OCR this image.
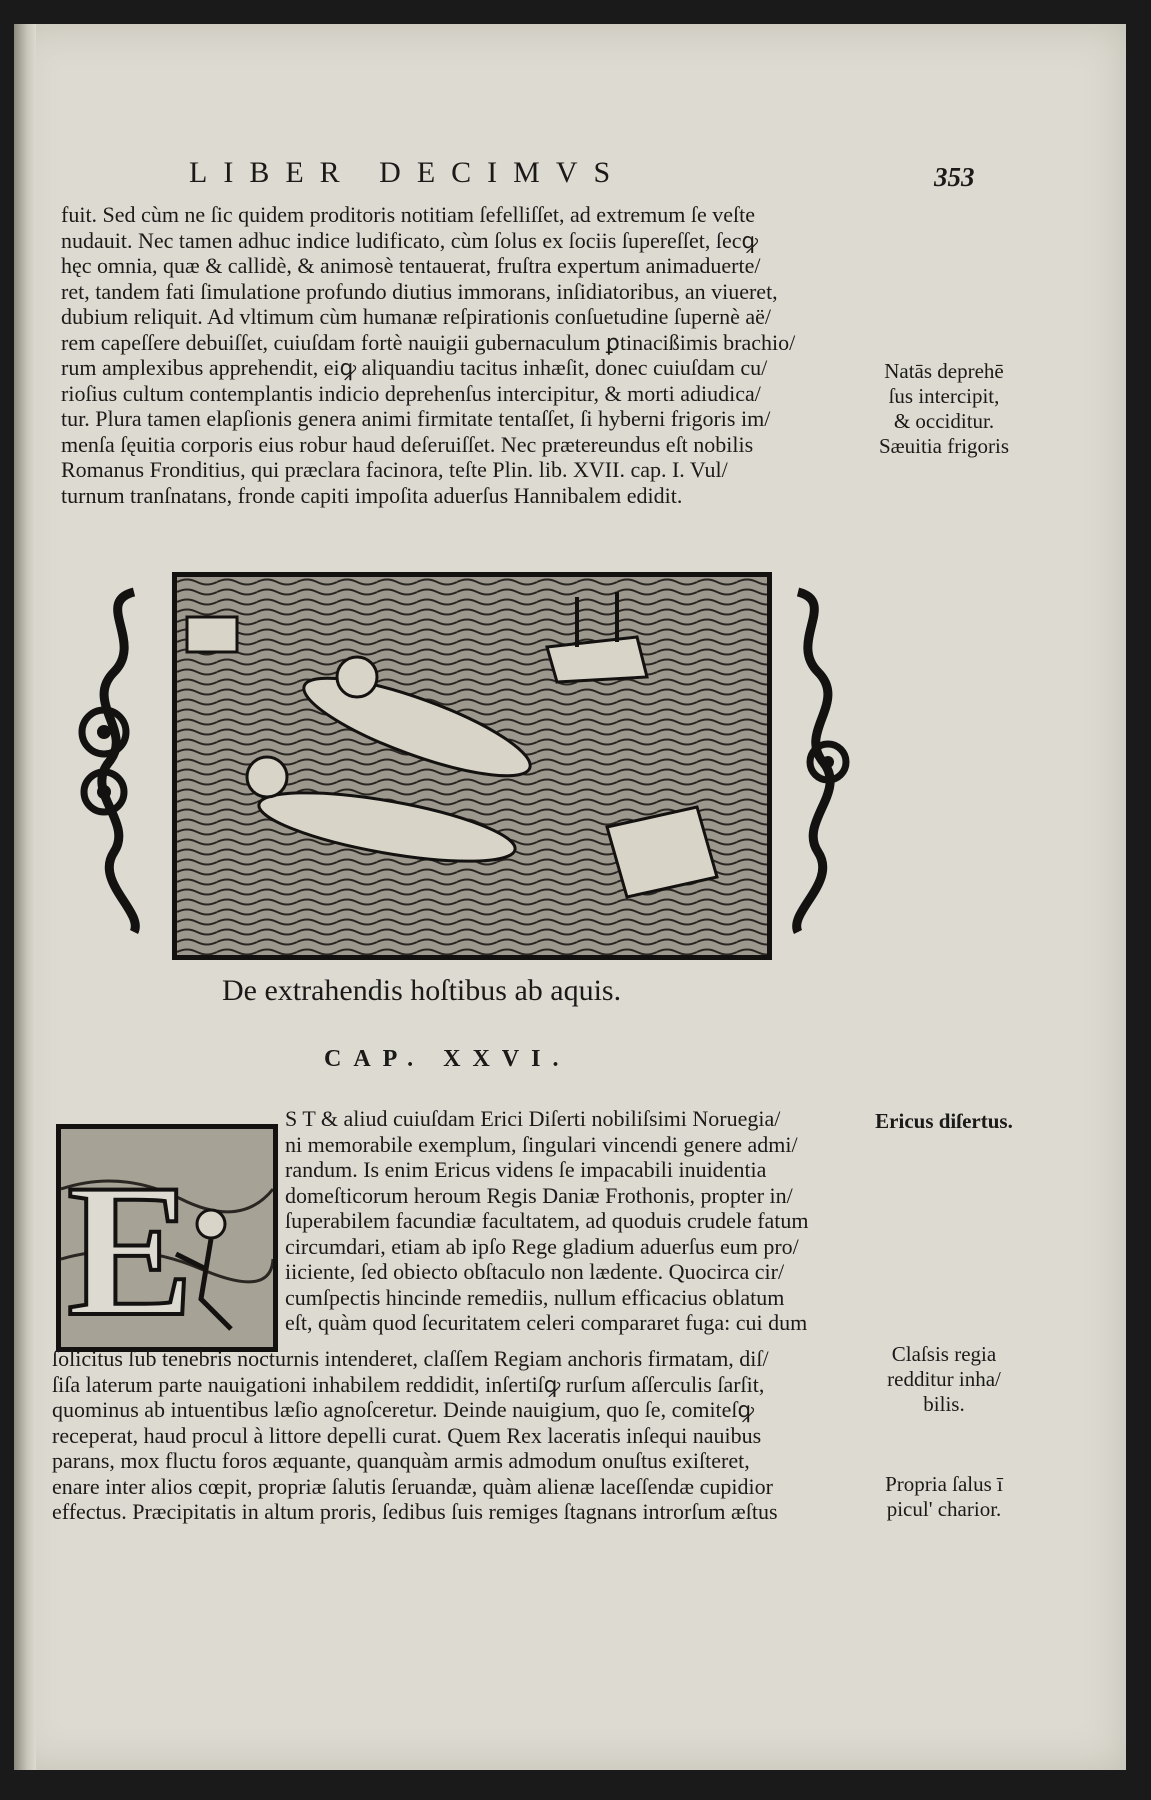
LIBER DECIMVS	353
fuit. Sed cùm ne ſic quidem proditoris notitiam ſefelliſſet, ad extremum ſe veſte
nudauit. Nec tamen adhuc indice ludificato, cùm ſolus ex ſociis ſupereſſet, ſecꝙ
hęc omnia, quæ & callidè, & animosè tentauerat, fruſtra expertum animaduerte/
ret, tandem fati ſimulatione profundo diutius immorans, inſidiatoribus, an viueret,
dubium reliquit. Ad vltimum cùm humanæ reſpirationis conſuetudine ſupernè aë/
rem capeſſere debuiſſet, cuiuſdam fortè nauigii gubernaculum ꝑtinacißimis brachio/
rum amplexibus apprehendit, eiꝙ aliquandiu tacitus inhæſit, donec cuiuſdam cu/
rioſius cultum contemplantis indicio deprehenſus intercipitur, & morti adiudica/
tur. Plura tamen elapſionis genera animi firmitate tentaſſet, ſi hyberni frigoris im/
menſa ſęuitia corporis eius robur haud deſeruiſſet. Nec prætereundus eſt nobilis
Romanus Fronditius, qui præclara facinora, teſte Plin. lib. XVII. cap. I. Vul/
turnum tranſnatans, fronde capiti impoſita aduerſus Hannibalem edidit.
Natās deprehē
ſus intercipit,
& occiditur.
Sæuitia frigoris
De extrahendis hoſtibus ab aquis.
CAP. XXVI.
E
S T & aliud cuiuſdam Erici Diſerti nobiliſsimi Noruegia/
ni memorabile exemplum, ſingulari vincendi genere admi/
randum. Is enim Ericus videns ſe impacabili inuidentia
domeſticorum heroum Regis Daniæ Frothonis, propter in/
ſuperabilem facundiæ facultatem, ad quoduis crudele fatum
circumdari, etiam ab ipſo Rege gladium aduerſus eum pro/
iiciente, ſed obiecto obſtaculo non lædente. Quocirca cir/
cumſpectis hincinde remediis, nullum efficacius oblatum
eſt, quàm quod ſecuritatem celeri compararet fuga: cui dum
ſolicitus ſub tenebris nocturnis intenderet, claſſem Regiam anchoris firmatam, diſ/
ſiſa laterum parte nauigationi inhabilem reddidit, inſertiſꝙ rurſum aſſerculis ſarſit,
quominus ab intuentibus læſio agnoſceretur. Deinde nauigium, quo ſe, comiteſꝙ
receperat, haud procul à littore depelli curat. Quem Rex laceratis inſequi nauibus
parans, mox fluctu foros æquante, quanquàm armis admodum onuſtus exiſteret,
enare inter alios cœpit, propriæ ſalutis ſeruandæ, quàm alienæ laceſſendæ cupidior
effectus. Præcipitatis in altum proris, ſedibus ſuis remiges ſtagnans introrſum æſtus
Ericus diſertus.
Claſsis regia
redditur inha/
bilis.
Propria ſalus ī
picul' charior.
